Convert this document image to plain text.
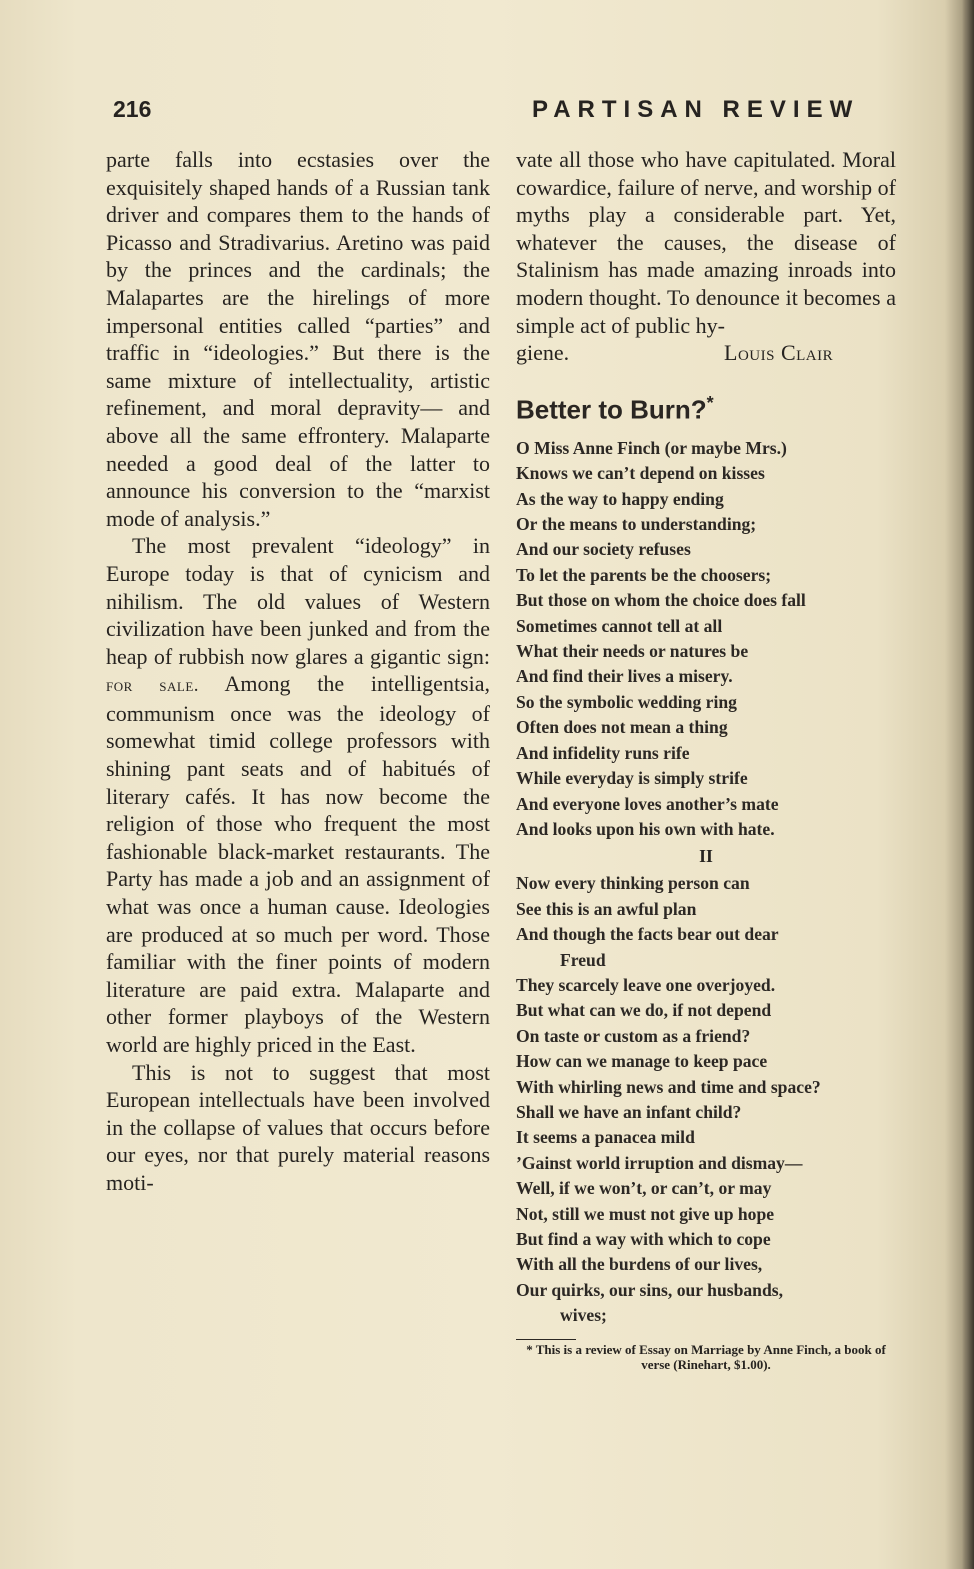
216	PARTISAN REVIEW

parte falls into ecstasies over the exquisitely shaped hands of a Russian tank driver and compares them to the hands of Picasso and Stradivarius. Aretino was paid by the princes and the cardinals; the Malapartes are the hirelings of more impersonal entities called “parties” and traffic in “ideologies.” But there is the same mixture of intellectuality, artistic refinement, and moral depravity— and above all the same effrontery. Malaparte needed a good deal of the latter to announce his conversion to the “marxist mode of analysis.”

The most prevalent “ideology” in Europe today is that of cynicism and nihilism. The old values of Western civilization have been junked and from the heap of rubbish now glares a gigantic sign: for sale. Among the intelligentsia, communism once was the ideology of somewhat timid college professors with shining pant seats and of habitués of literary cafés. It has now become the religion of those who frequent the most fashionable black-market restaurants. The Party has made a job and an assignment of what was once a human cause. Ideologies are produced at so much per word. Those familiar with the finer points of modern literature are paid extra. Malaparte and other former playboys of the Western world are highly priced in the East.

This is not to suggest that most European intellectuals have been involved in the collapse of values that occurs before our eyes, nor that purely material reasons moti-

vate all those who have capitulated. Moral cowardice, failure of nerve, and worship of myths play a considerable part. Yet, whatever the causes, the disease of Stalinism has made amazing inroads into modern thought. To denounce it becomes a simple act of public hy-

giene.	Louis Clair
Better to Burn?*
O Miss Anne Finch (or maybe Mrs.)
Knows we can’t depend on kisses
As the way to happy ending
Or the means to understanding;
And our society refuses
To let the parents be the choosers;
But those on whom the choice does fall
Sometimes cannot tell at all
What their needs or natures be
And find their lives a misery.
So the symbolic wedding ring
Often does not mean a thing
And infidelity runs rife
While everyday is simply strife
And everyone loves another’s mate
And looks upon his own with hate.
II
Now every thinking person can
See this is an awful plan
And though the facts bear out dear
Freud
They scarcely leave one overjoyed.
But what can we do, if not depend
On taste or custom as a friend?
How can we manage to keep pace
With whirling news and time and space?
Shall we have an infant child?
It seems a panacea mild
’Gainst world irruption and dismay—
Well, if we won’t, or can’t, or may
Not, still we must not give up hope
But find a way with which to cope
With all the burdens of our lives,
Our quirks, our sins, our husbands,
wives;

* This is a review of Essay on Marriage by Anne Finch, a book of verse (Rinehart, $1.00).
